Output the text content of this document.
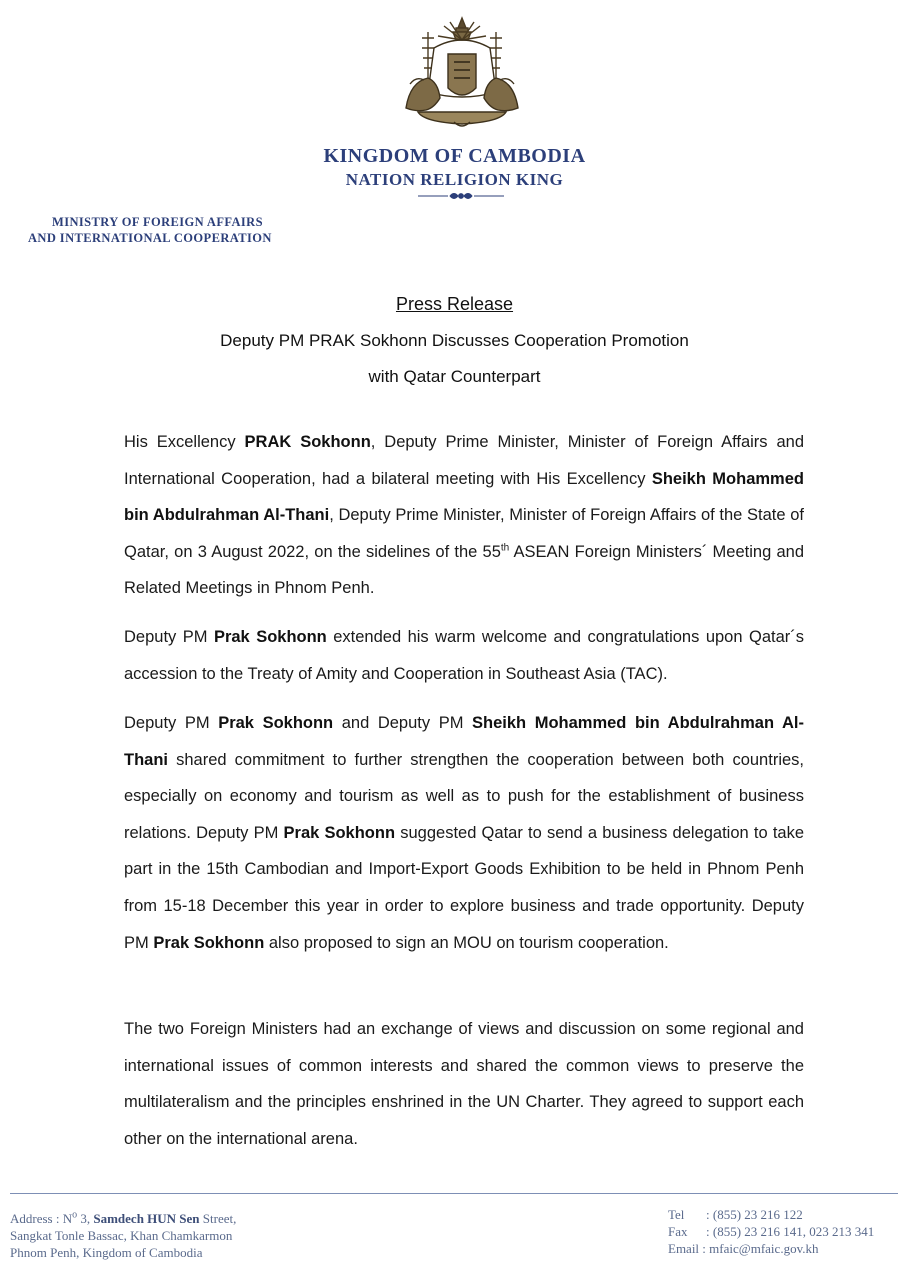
KINGDOM OF CAMBODIA
NATION RELIGION KING
MINISTRY OF FOREIGN AFFAIRS
AND INTERNATIONAL COOPERATION
Press Release
Deputy PM PRAK Sokhonn Discusses Cooperation Promotion
with Qatar Counterpart
His Excellency PRAK Sokhonn, Deputy Prime Minister, Minister of Foreign Affairs and International Cooperation, had a bilateral meeting with His Excellency Sheikh Mohammed bin Abdulrahman Al-Thani, Deputy Prime Minister, Minister of Foreign Affairs of the State of Qatar, on 3 August 2022, on the sidelines of the 55th ASEAN Foreign Ministers´ Meeting and Related Meetings in Phnom Penh.
Deputy PM Prak Sokhonn extended his warm welcome and congratulations upon Qatar´s accession to the Treaty of Amity and Cooperation in Southeast Asia (TAC).
Deputy PM Prak Sokhonn and Deputy PM Sheikh Mohammed bin Abdulrahman Al-Thani shared commitment to further strengthen the cooperation between both countries, especially on economy and tourism as well as to push for the establishment of business relations. Deputy PM Prak Sokhonn suggested Qatar to send a business delegation to take part in the 15th Cambodian and Import-Export Goods Exhibition to be held in Phnom Penh from 15-18 December this year in order to explore business and trade opportunity. Deputy PM Prak Sokhonn also proposed to sign an MOU on tourism cooperation.
The two Foreign Ministers had an exchange of views and discussion on some regional and international issues of common interests and shared the common views to preserve the multilateralism and the principles enshrined in the UN Charter. They agreed to support each other on the international arena.
Address : $N^o$ 3, Samdech HUN Sen Street,
Sangkat Tonle Bassac, Khan Chamkarmon
Phnom Penh, Kingdom of Cambodia
Tel : (855) 23 216 122
Fax : (855) 23 216 141, 023 213 341
Email : mfaic@mfaic.gov.kh
